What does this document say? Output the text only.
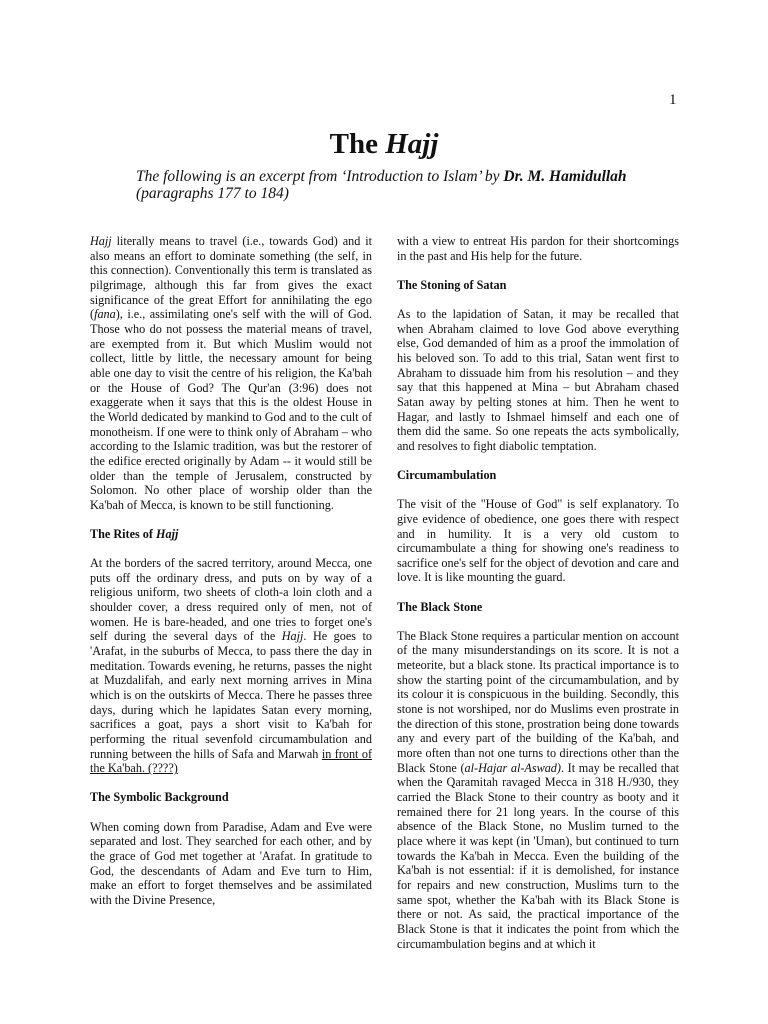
1
The Hajj
The following is an excerpt from ‘Introduction to Islam’ by Dr. M. Hamidullah
(paragraphs 177 to 184)

Hajj literally means to travel (i.e., towards God) and it also means an effort to dominate something (the self, in this connection). Conventionally this term is translated as pilgrimage, although this far from gives the exact significance of the great Effort for annihilating the ego (fana), i.e., assimilating one's self with the will of God. Those who do not possess the material means of travel, are exempted from it. But which Muslim would not collect, little by little, the necessary amount for being able one day to visit the centre of his religion, the Ka'bah or the House of God? The Qur'an (3:96) does not exaggerate when it says that this is the oldest House in the World dedicated by mankind to God and to the cult of monotheism. If one were to think only of Abraham – who according to the Islamic tradition, was but the restorer of the edifice erected originally by Adam -- it would still be older than the temple of Jerusalem, constructed by Solomon. No other place of worship older than the Ka'bah of Mecca, is known to be still functioning.

The Rites of Hajj

At the borders of the sacred territory, around Mecca, one puts off the ordinary dress, and puts on by way of a religious uniform, two sheets of cloth-a loin cloth and a shoulder cover, a dress required only of men, not of women. He is bare-headed, and one tries to forget one's self during the several days of the Hajj. He goes to 'Arafat, in the suburbs of Mecca, to pass there the day in meditation. Towards evening, he returns, passes the night at Muzdalifah, and early next morning arrives in Mina which is on the outskirts of Mecca. There he passes three days, during which he lapidates Satan every morning, sacrifices a goat, pays a short visit to Ka'bah for performing the ritual sevenfold circumambulation and running between the hills of Safa and Marwah in front of the Ka'bah. (????)

The Symbolic Background

When coming down from Paradise, Adam and Eve were separated and lost. They searched for each other, and by the grace of God met together at 'Arafat. In gratitude to God, the descendants of Adam and Eve turn to Him, make an effort to forget themselves and be assimilated with the Divine Presence,

with a view to entreat His pardon for their shortcomings in the past and His help for the future.

The Stoning of Satan

As to the lapidation of Satan, it may be recalled that when Abraham claimed to love God above everything else, God demanded of him as a proof the immolation of his beloved son. To add to this trial, Satan went first to Abraham to dissuade him from his resolution – and they say that this happened at Mina – but Abraham chased Satan away by pelting stones at him. Then he went to Hagar, and lastly to Ishmael himself and each one of them did the same. So one repeats the acts symbolically, and resolves to fight diabolic temptation.

Circumambulation

The visit of the "House of God" is self explanatory. To give evidence of obedience, one goes there with respect and in humility. It is a very old custom to circumambulate a thing for showing one's readiness to sacrifice one's self for the object of devotion and care and love. It is like mounting the guard.

The Black Stone

The Black Stone requires a particular mention on account of the many misunderstandings on its score. It is not a meteorite, but a black stone. Its practical importance is to show the starting point of the circumambulation, and by its colour it is conspicuous in the building. Secondly, this stone is not worshiped, nor do Muslims even prostrate in the direction of this stone, prostration being done towards any and every part of the building of the Ka'bah, and more often than not one turns to directions other than the Black Stone (al-Hajar al-Aswad). It may be recalled that when the Qaramitah ravaged Mecca in 318 H./930, they carried the Black Stone to their country as booty and it remained there for 21 long years. In the course of this absence of the Black Stone, no Muslim turned to the place where it was kept (in 'Uman), but continued to turn towards the Ka'bah in Mecca. Even the building of the Ka'bah is not essential: if it is demolished, for instance for repairs and new construction, Muslims turn to the same spot, whether the Ka'bah with its Black Stone is there or not. As said, the practical importance of the Black Stone is that it indicates the point from which the circumambulation begins and at which it
